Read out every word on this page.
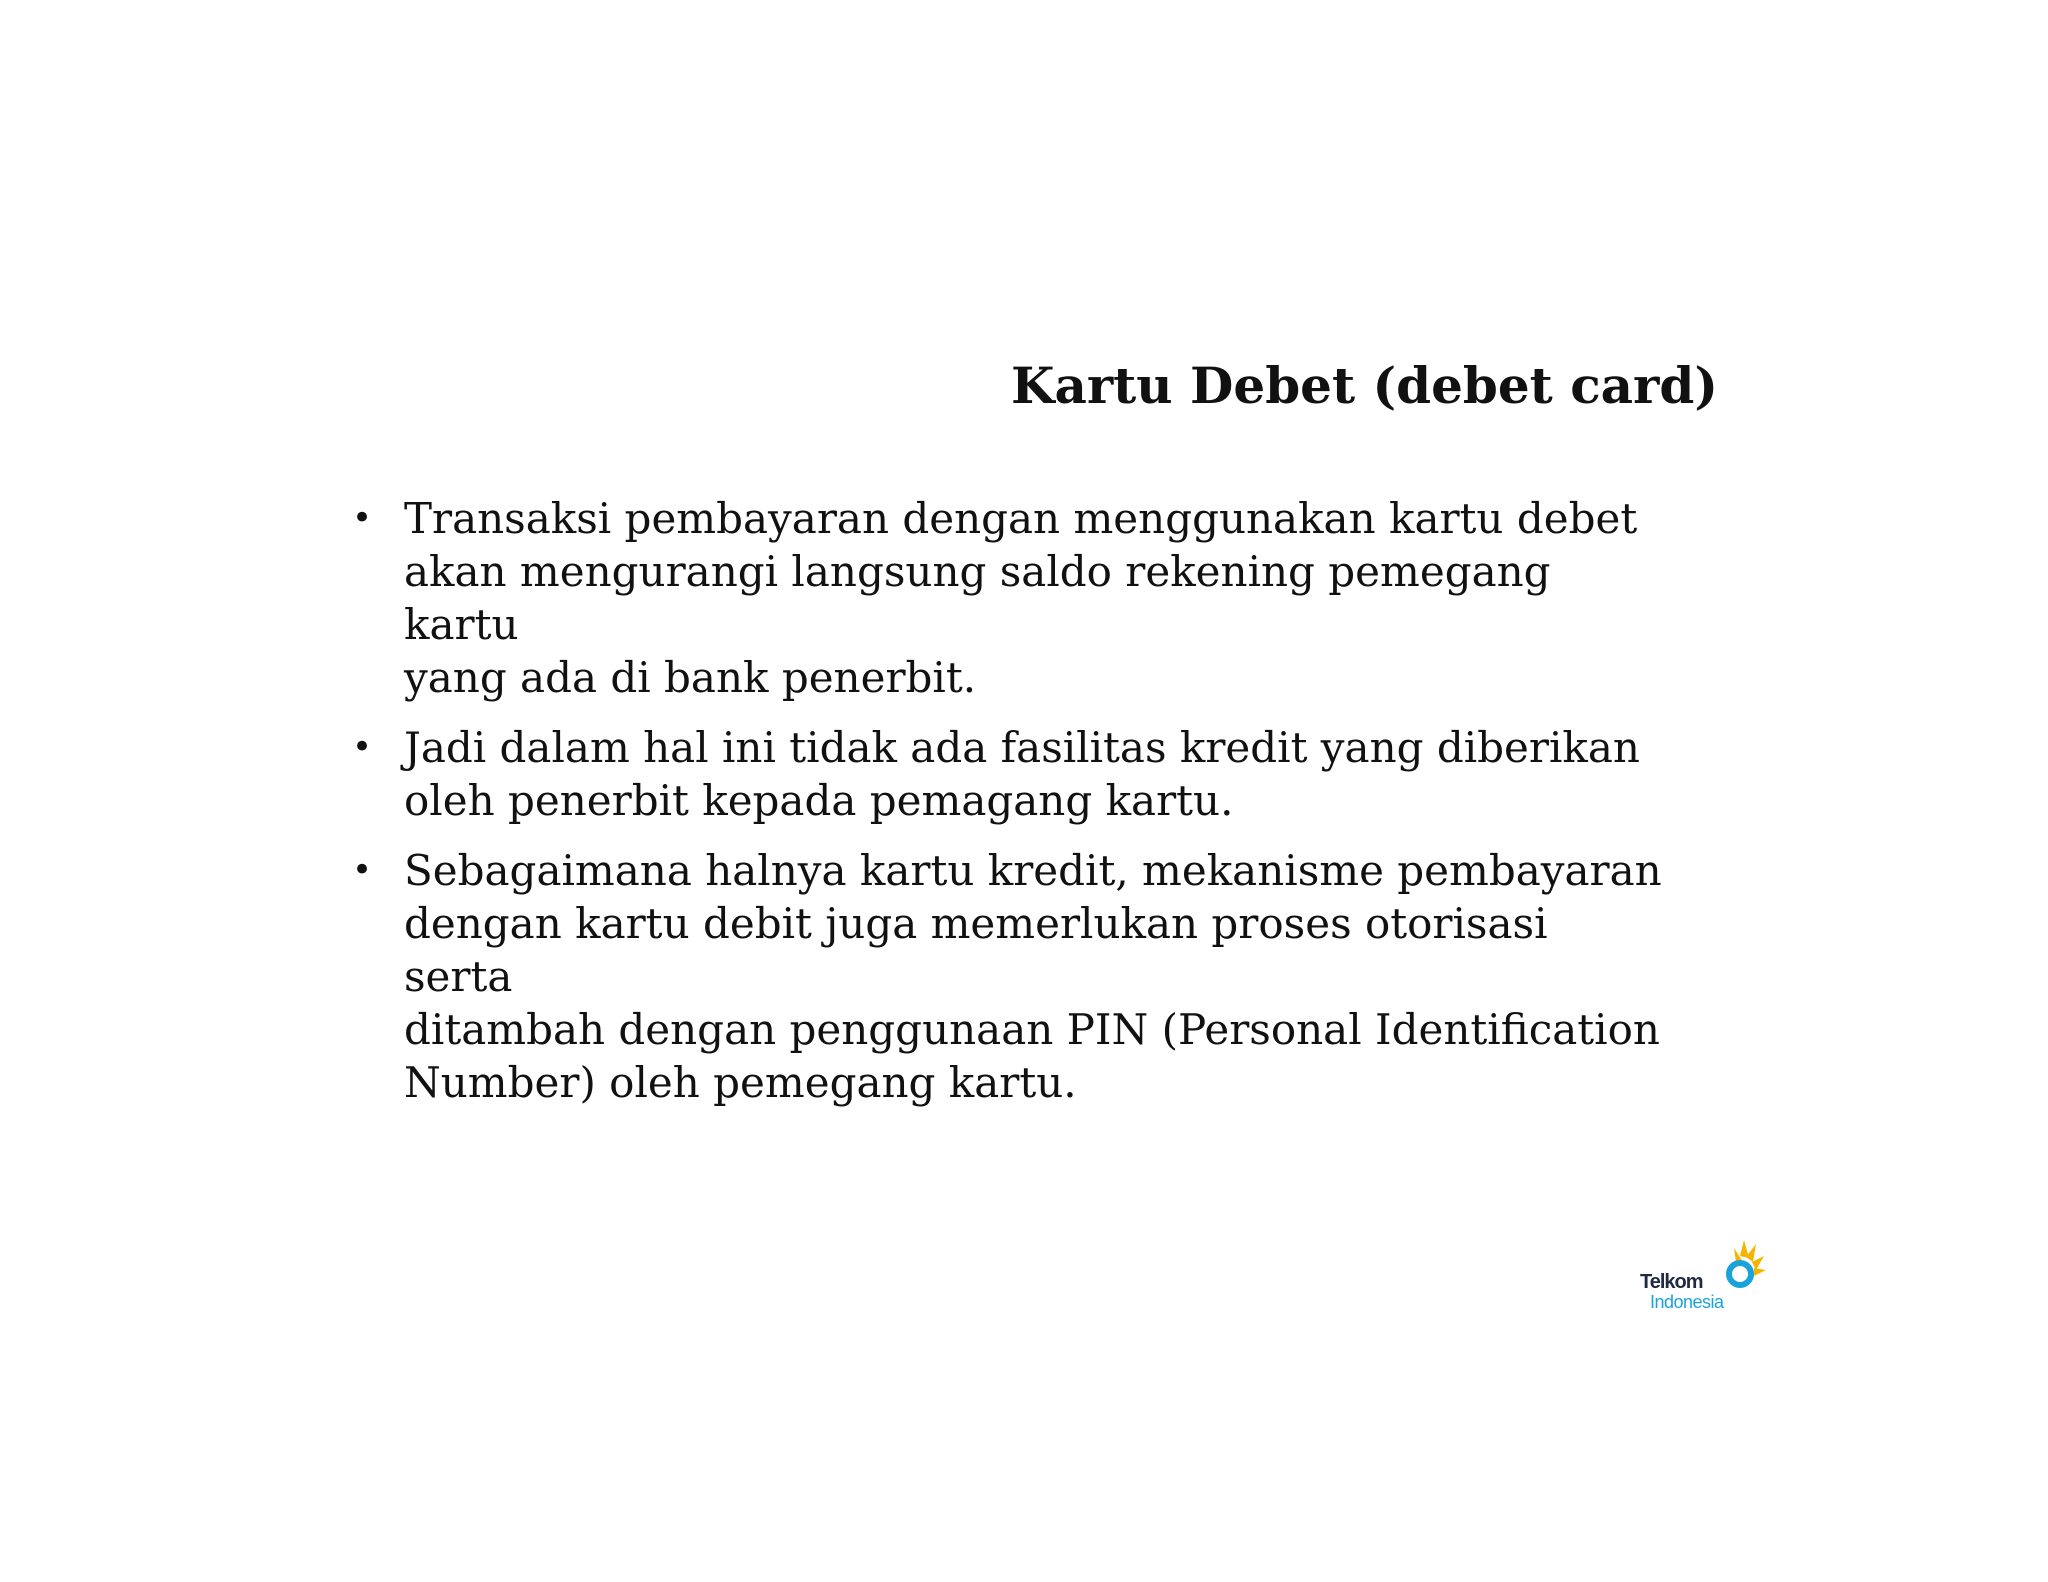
Kartu Debet (debet card)
• Transaksi pembayaran dengan menggunakan kartu debet
akan mengurangi langsung saldo rekening pemegang kartu
yang ada di bank penerbit.
• Jadi dalam hal ini tidak ada fasilitas kredit yang diberikan
oleh penerbit kepada pemagang kartu.
• Sebagaimana halnya kartu kredit, mekanisme pembayaran
dengan kartu debit juga memerlukan proses otorisasi serta
ditambah dengan penggunaan PIN (Personal Identification
Number) oleh pemegang kartu.
Telkom
Indonesia
